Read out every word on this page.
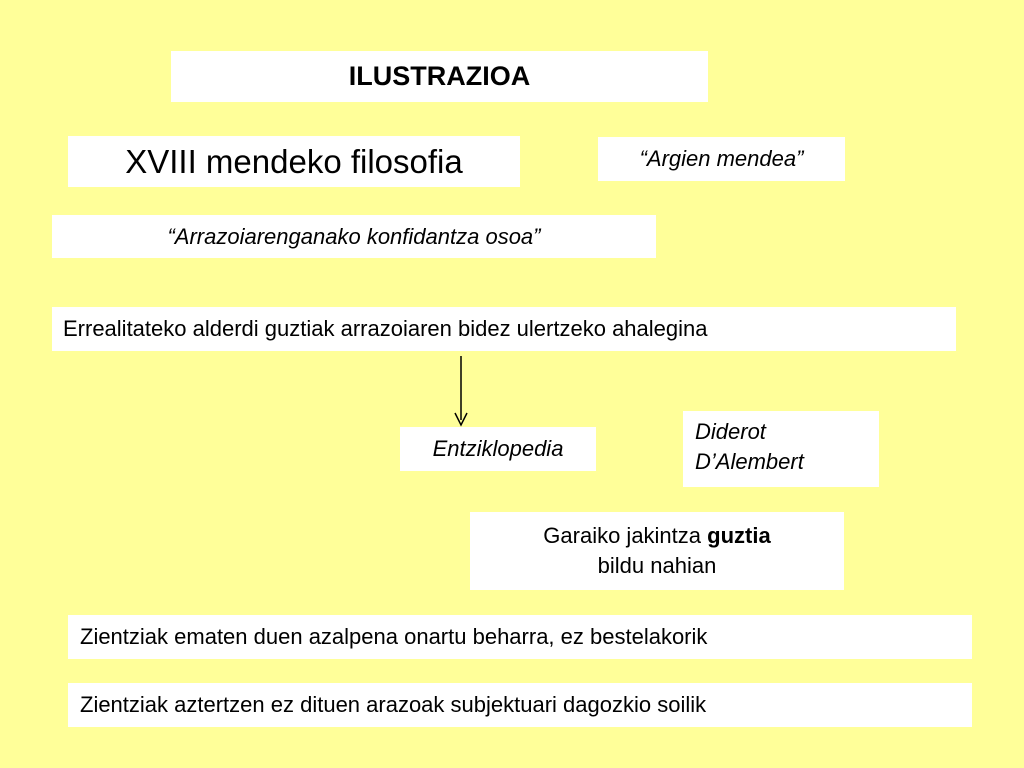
ILUSTRAZIOA
XVIII mendeko filosofia	“Argien mendea”
“Arrazoiarenganako konfidantza osoa”
Errealitateko alderdi guztiak arrazoiaren bidez ulertzeko ahalegina
Entziklopedia
Diderot
D’Alembert
Garaiko jakintza guztia
bildu nahian
Zientziak ematen duen azalpena onartu beharra, ez bestelakorik
Zientziak aztertzen ez dituen arazoak subjektuari dagozkio soilik
